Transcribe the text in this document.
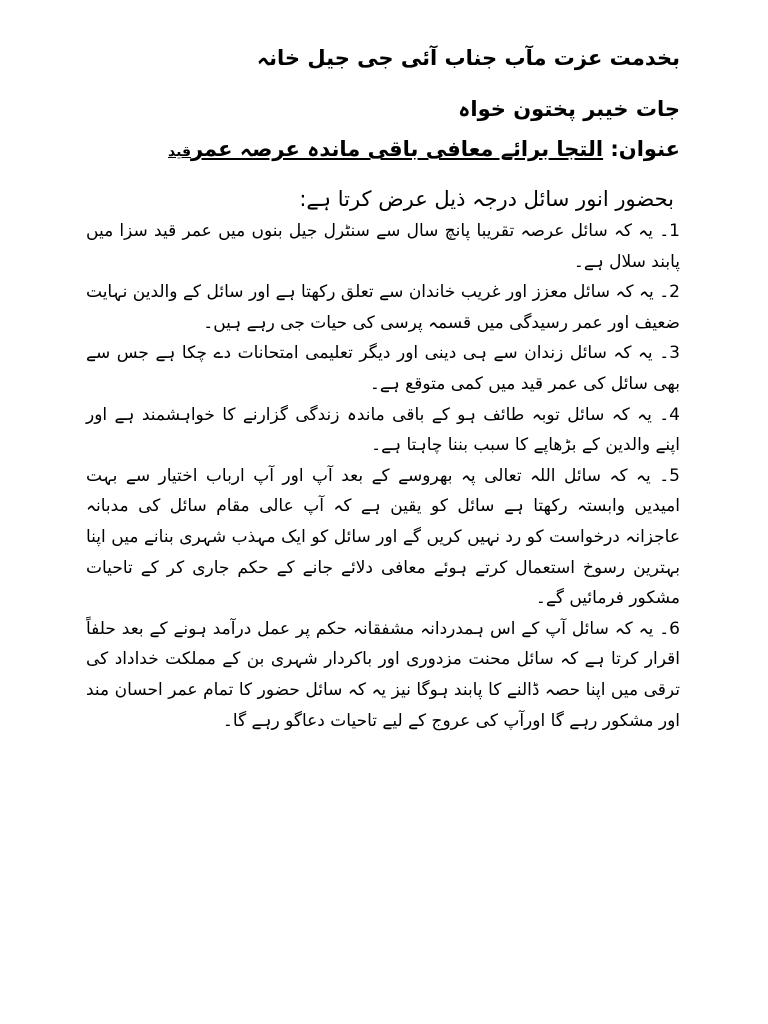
بخدمت عزت مآب جناب آئی جی جیل خانہ
جات خیبر پختون خواہ
عنوان: التجا برائے معافی باقی ماندہ عرصہ عمرقید
بحضور انور سائل درجہ ذیل عرض کرتا ہے:

1۔ یہ کہ سائل عرصہ تقریبا پانچ سال سے سنٹرل جیل بنوں میں عمر قید سزا میں پابند سلال ہے۔

2۔ یہ کہ سائل معزز اور غریب خاندان سے تعلق رکھتا ہے اور سائل کے والدین نہایت ضعیف اور عمر رسیدگی میں قسمہ پرسی کی حیات جی رہے ہیں۔

3۔ یہ کہ سائل زندان سے ہی دینی اور دیگر تعلیمی امتحانات دے چکا ہے جس سے بھی سائل کی عمر قید میں کمی متوقع ہے۔

4۔ یہ کہ سائل توبہ طائف ہو کے باقی ماندہ زندگی گزارنے کا خواہشمند ہے اور اپنے والدین کے بڑھاپے کا سبب بننا چاہتا ہے۔

5۔ یہ کہ سائل اللہ تعالی پہ بھروسے کے بعد آپ اور آپ ارباب اختیار سے بہت امیدیں وابستہ رکھتا ہے سائل کو یقین ہے کہ آپ عالی مقام سائل کی مدبانہ عاجزانہ درخواست کو رد نہیں کریں گے اور سائل کو ایک مہذب شہری بنانے میں اپنا بہترین رسوخ استعمال کرتے ہوئے معافی دلائے جانے کے حکم جاری کر کے تاحیات مشکور فرمائیں گے۔

6۔ یہ کہ سائل آپ کے اس ہمدردانہ مشفقانہ حکم پر عمل درآمد ہونے کے بعد حلفاً اقرار کرتا ہے کہ سائل محنت مزدوری اور باکردار شہری بن کے مملکت خداداد کی ترقی میں اپنا حصہ ڈالنے کا پابند ہوگا نیز یہ کہ سائل حضور کا تمام عمر احسان مند اور مشکور رہے گا اورآپ کی عروج کے لیے تاحیات دعاگو رہے گا۔
